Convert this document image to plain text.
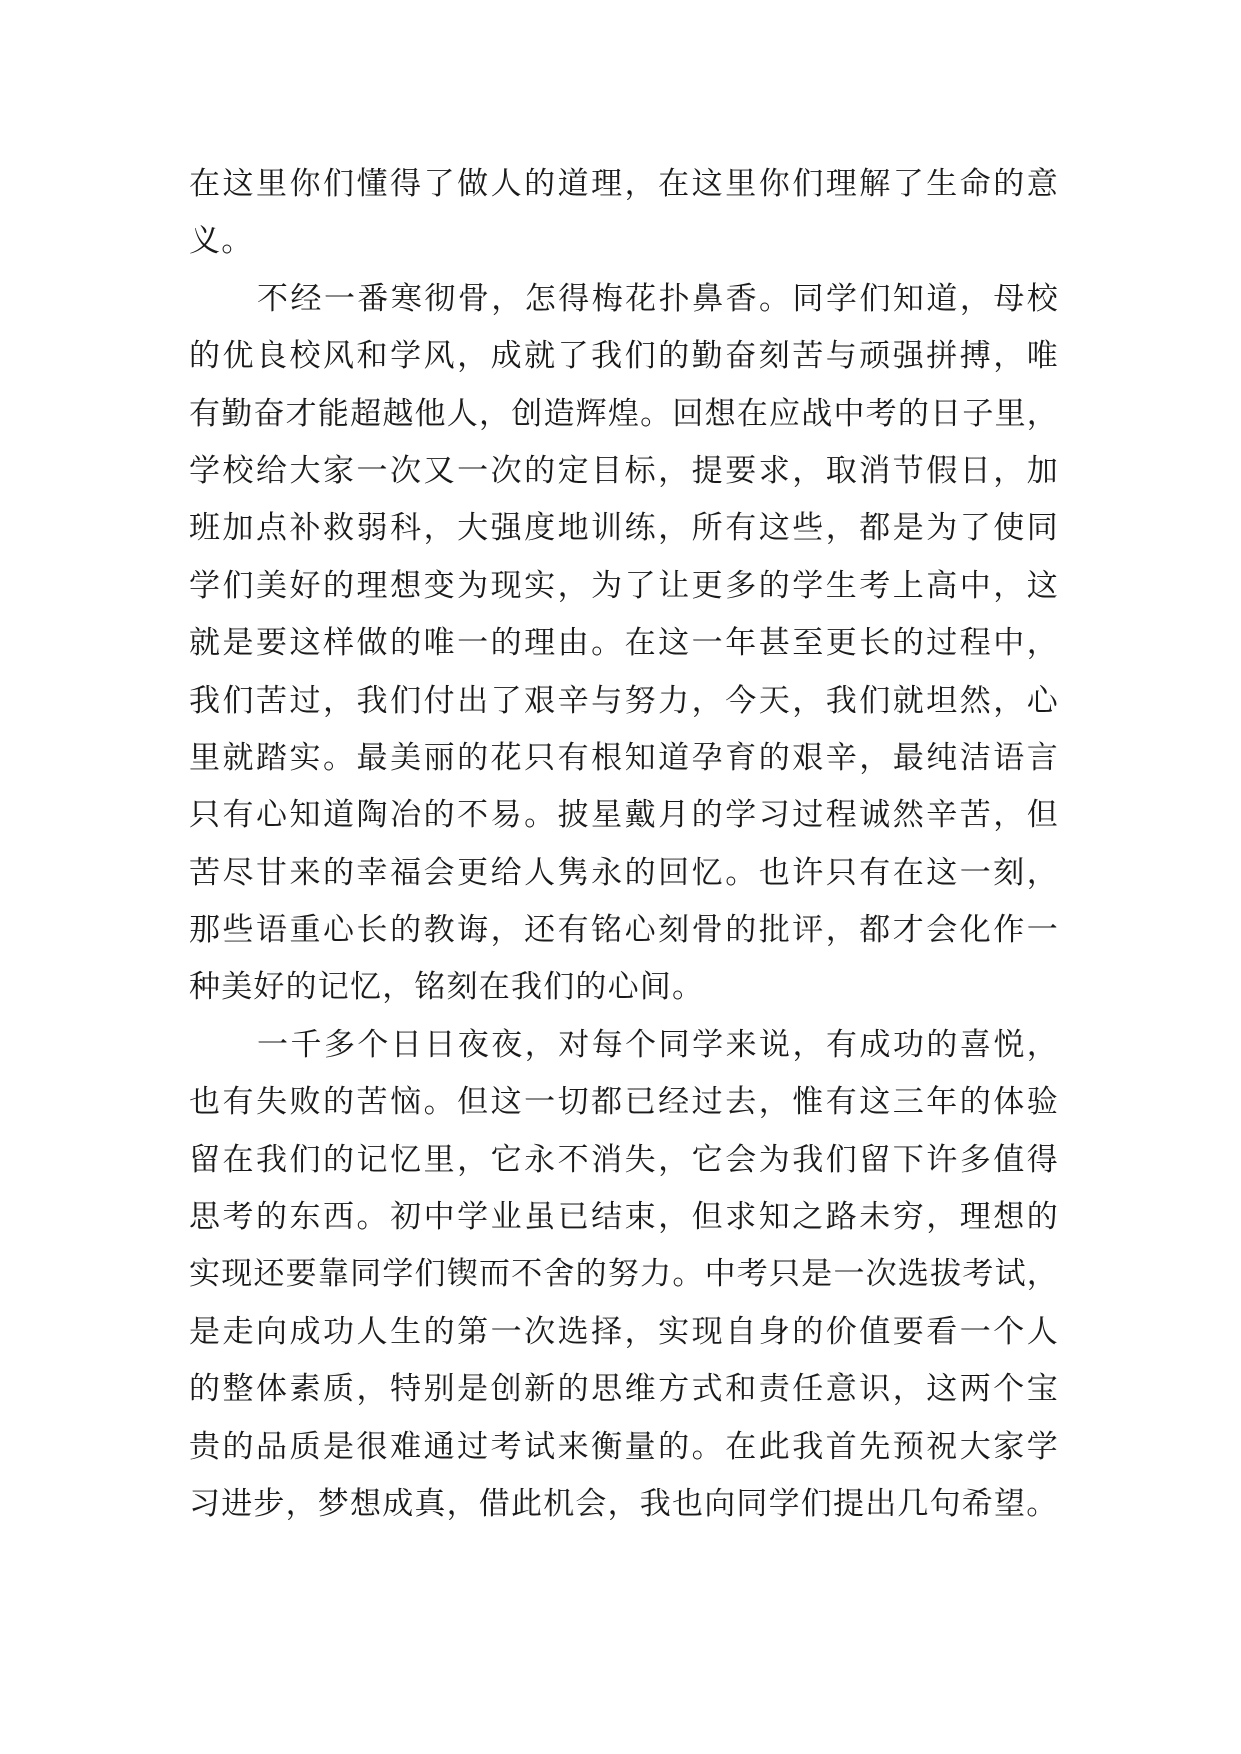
在这里你们懂得了做人的道理，在这里你们理解了生命的意
义。
不经一番寒彻骨，怎得梅花扑鼻香。同学们知道，母校
的优良校风和学风，成就了我们的勤奋刻苦与顽强拼搏，唯
有勤奋才能超越他人，创造辉煌。回想在应战中考的日子里，
学校给大家一次又一次的定目标，提要求，取消节假日，加
班加点补救弱科，大强度地训练，所有这些，都是为了使同
学们美好的理想变为现实，为了让更多的学生考上高中，这
就是要这样做的唯一的理由。在这一年甚至更长的过程中，
我们苦过，我们付出了艰辛与努力，今天，我们就坦然，心
里就踏实。最美丽的花只有根知道孕育的艰辛，最纯洁语言
只有心知道陶冶的不易。披星戴月的学习过程诚然辛苦，但
苦尽甘来的幸福会更给人隽永的回忆。也许只有在这一刻，
那些语重心长的教诲，还有铭心刻骨的批评，都才会化作一
种美好的记忆，铭刻在我们的心间。
一千多个日日夜夜，对每个同学来说，有成功的喜悦，
也有失败的苦恼。但这一切都已经过去，惟有这三年的体验
留在我们的记忆里，它永不消失，它会为我们留下许多值得
思考的东西。初中学业虽已结束，但求知之路未穷，理想的
实现还要靠同学们锲而不舍的努力。中考只是一次选拔考试，
是走向成功人生的第一次选择，实现自身的价值要看一个人
的整体素质，特别是创新的思维方式和责任意识，这两个宝
贵的品质是很难通过考试来衡量的。在此我首先预祝大家学
习进步，梦想成真，借此机会，我也向同学们提出几句希望。
